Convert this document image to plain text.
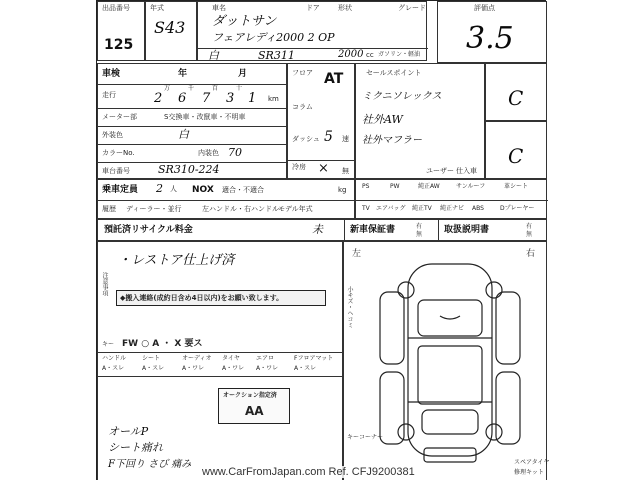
出品番号
125
年式
S43
車名	ドア	形状	グレード
ダットサン
フェアレディ2000 2 OP
白	SR311	2000 cc ガソリン・軽油
評価点
3.5
車検	年	月
走行
万	千	百	十
2 6 7 3 1 km
メーター部	S交換車・改竄車・不明車
外装色	白
カラーNo.	内装色 70
車台番号	SR310-224
フロア AT
コラム
ダッシュ 5 速
冷房 × 無
セールスポイント
ミクニソレックス
社外AW
社外マフラー
ユーザー 仕入車
C
C
乗車定員 2 人 NOX 適合・不適合	kg
履歴 ディーラー・並行	左ハンドル・右ハンドル モデル年式
PS	PW	純正AW	サンルーフ	革シート
TV エアバッグ 純正TV 純正ナビ ABS	Dプレーヤー
預託済リサイクル料金	未	新車保証書	有
無 取扱説明書	有
無
注意事項
・レストア仕上げ済
◆搬入連絡(成約日含め4日以内)をお願い致します。
キー FW ○ A ・ X 要ス
ハンドル	シート	オーディオ タイヤ	エアロ	Fフロアマット
A・スレ	A・スレ	A・ワレ	A・ワレ A・ワレ	A・スレ
オークション指定済
AA
オールP
シート痛れ
F下回り さび 痛み
左	右
小キズ・ヘコミ
スペアタイヤ
修理キット
キーコーナー
www.CarFromJapan.com Ref. CFJ9200381
